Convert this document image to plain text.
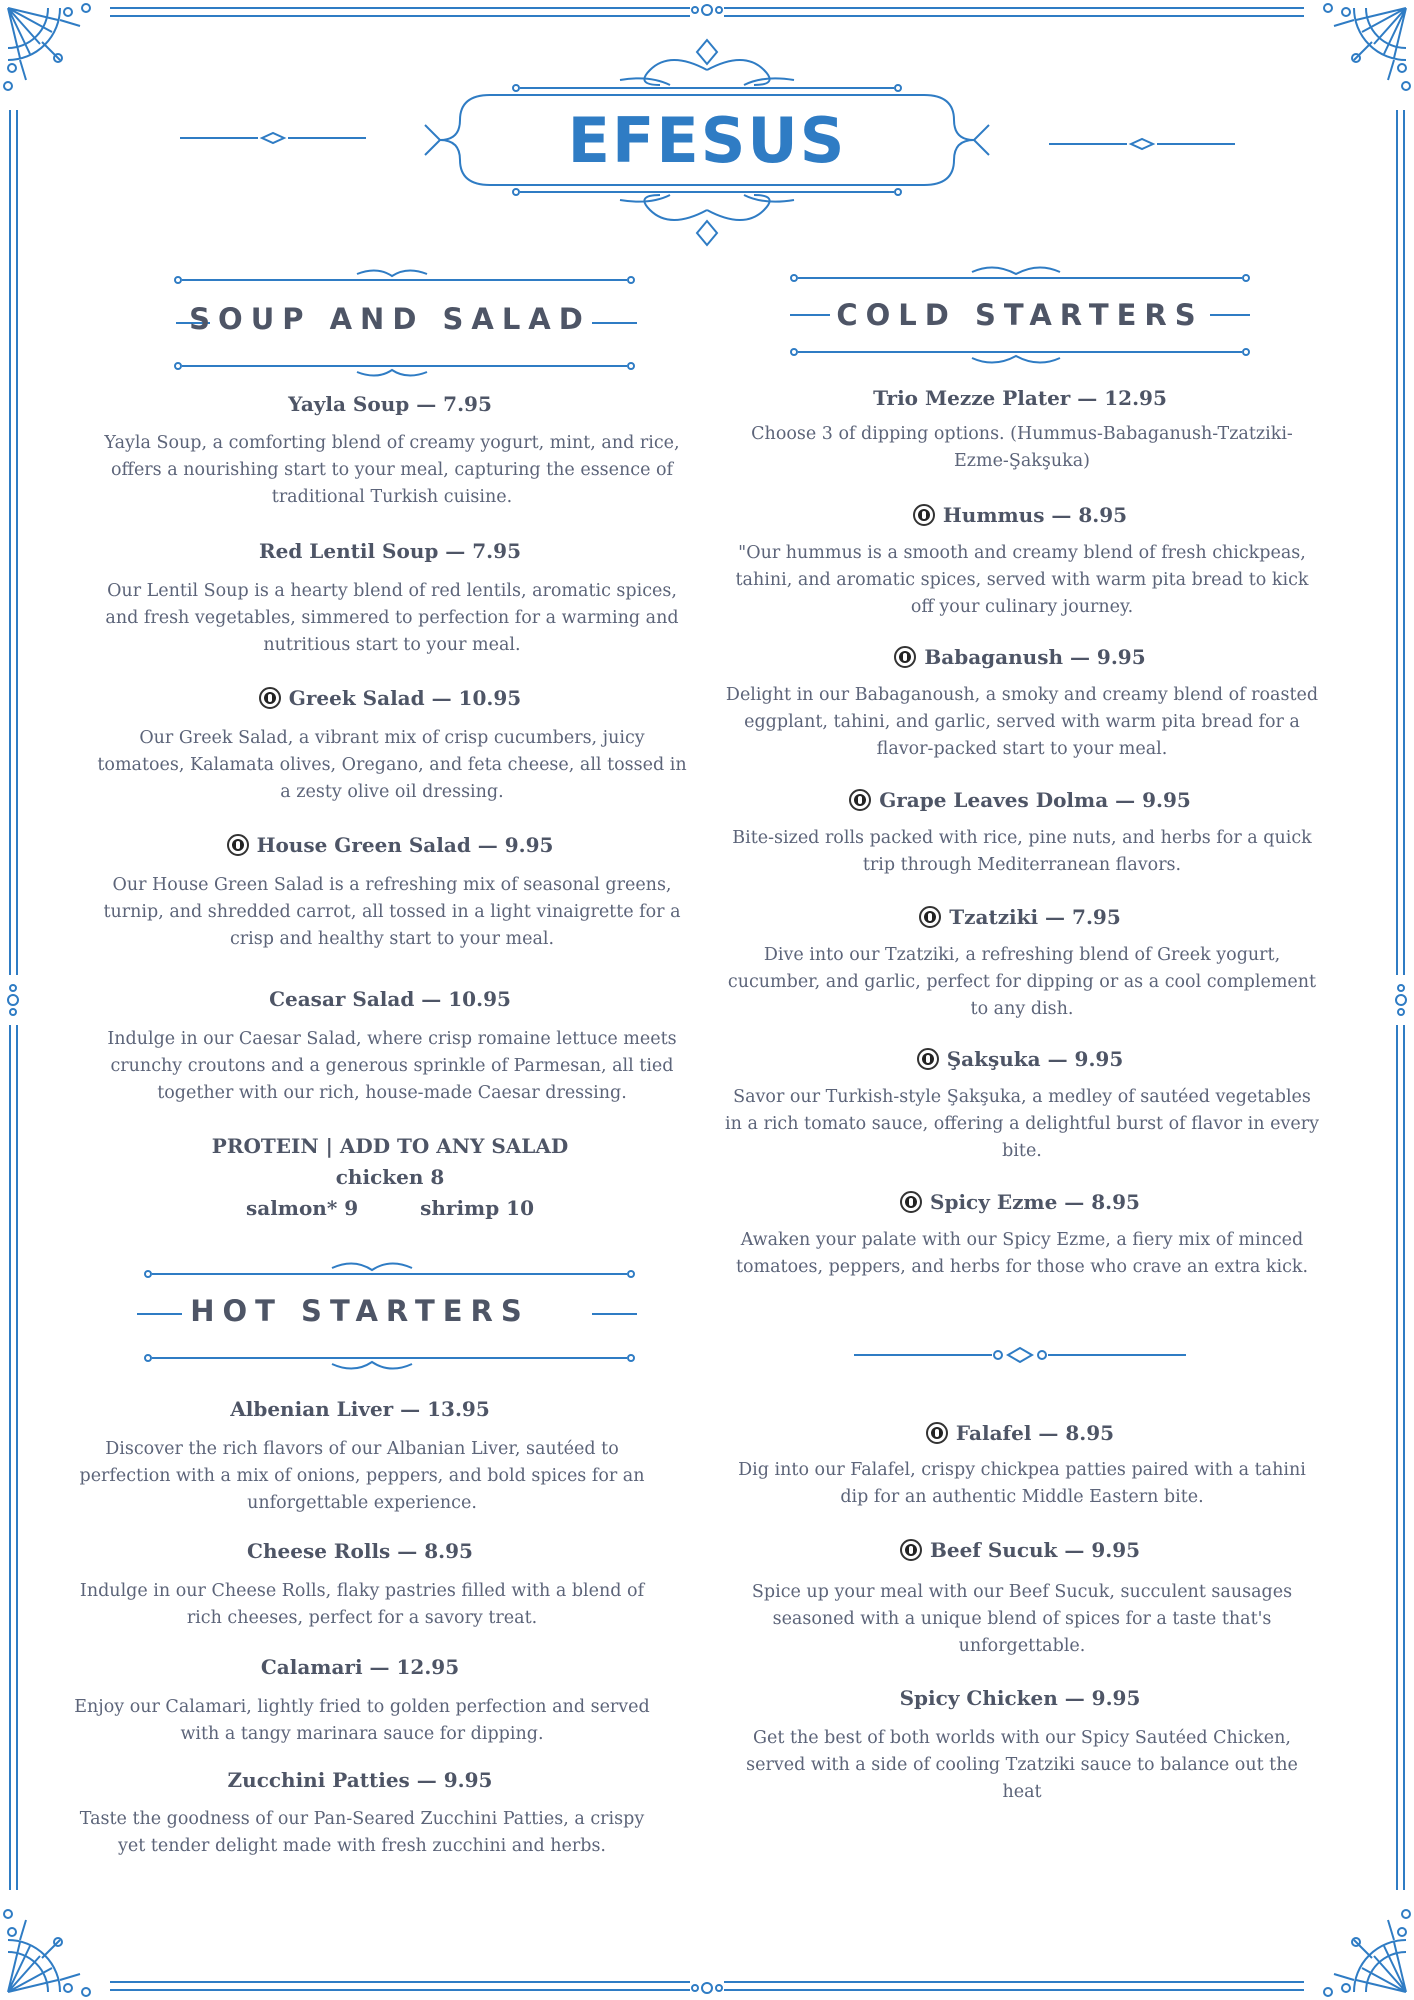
EFESUS
SOUP AND SALAD
Yayla Soup — 7.95
Yayla Soup, a comforting blend of creamy yogurt, mint, and rice, offers a nourishing start to your meal, capturing the essence of traditional Turkish cuisine.
Red Lentil Soup — 7.95
Our Lentil Soup is a hearty blend of red lentils, aromatic spices, and fresh vegetables, simmered to perfection for a warming and nutritious start to your meal.
Greek Salad — 10.95
Our Greek Salad, a vibrant mix of crisp cucumbers, juicy tomatoes, Kalamata olives, Oregano, and feta cheese, all tossed in a zesty olive oil dressing.
House Green Salad — 9.95
Our House Green Salad is a refreshing mix of seasonal greens, turnip, and shredded carrot, all tossed in a light vinaigrette for a crisp and healthy start to your meal.
Ceasar Salad — 10.95
Indulge in our Caesar Salad, where crisp romaine lettuce meets crunchy croutons and a generous sprinkle of Parmesan, all tied together with our rich, house-made Caesar dressing.
PROTEIN | ADD TO ANY SALAD
chicken 8
salmon* 9	shrimp 10
HOT STARTERS
Albenian Liver — 13.95
Discover the rich flavors of our Albanian Liver, sautéed to perfection with a mix of onions, peppers, and bold spices for an unforgettable experience.
Cheese Rolls — 8.95
Indulge in our Cheese Rolls, flaky pastries filled with a blend of rich cheeses, perfect for a savory treat.
Calamari — 12.95
Enjoy our Calamari, lightly fried to golden perfection and served with a tangy marinara sauce for dipping.
Zucchini Patties — 9.95
Taste the goodness of our Pan-Seared Zucchini Patties, a crispy yet tender delight made with fresh zucchini and herbs.
COLD STARTERS
Trio Mezze Plater — 12.95
Choose 3 of dipping options. (Hummus-Babaganush-Tzatziki-Ezme-Şakşuka)
Hummus — 8.95
"Our hummus is a smooth and creamy blend of fresh chickpeas, tahini, and aromatic spices, served with warm pita bread to kick off your culinary journey.
Babaganush — 9.95
Delight in our Babaganoush, a smoky and creamy blend of roasted eggplant, tahini, and garlic, served with warm pita bread for a flavor-packed start to your meal.
Grape Leaves Dolma — 9.95
Bite-sized rolls packed with rice, pine nuts, and herbs for a quick trip through Mediterranean flavors.
Tzatziki — 7.95
Dive into our Tzatziki, a refreshing blend of Greek yogurt, cucumber, and garlic, perfect for dipping or as a cool complement to any dish.
Şakşuka — 9.95
Savor our Turkish-style Şakşuka, a medley of sautéed vegetables in a rich tomato sauce, offering a delightful burst of flavor in every bite.
Spicy Ezme — 8.95
Awaken your palate with our Spicy Ezme, a fiery mix of minced tomatoes, peppers, and herbs for those who crave an extra kick.
Falafel — 8.95
Dig into our Falafel, crispy chickpea patties paired with a tahini dip for an authentic Middle Eastern bite.
Beef Sucuk — 9.95
Spice up your meal with our Beef Sucuk, succulent sausages seasoned with a unique blend of spices for a taste that's unforgettable.
Spicy Chicken — 9.95
Get the best of both worlds with our Spicy Sautéed Chicken, served with a side of cooling Tzatziki sauce to balance out the heat
